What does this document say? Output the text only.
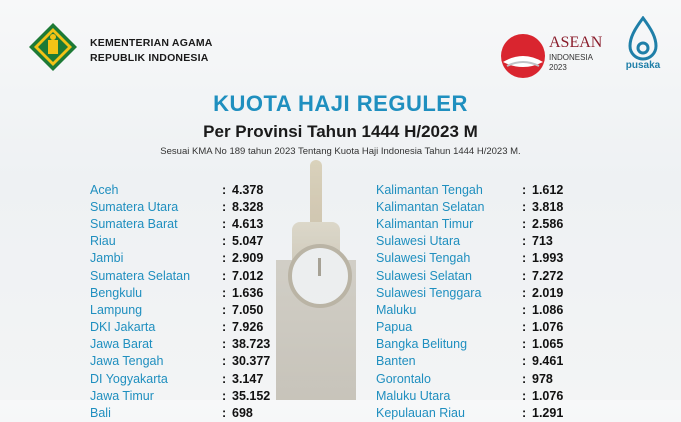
KEMENTERIAN AGAMA
REPUBLIK INDONESIA
ASEAN
INDONESIA
2023	pusaka
KUOTA HAJI REGULER
Per Provinsi Tahun 1444 H/2023 M
Sesuai KMA No 189 tahun 2023 Tentang Kuota Haji Indonesia Tahun 1444 H/2023 M.
Aceh	: 4.378
Sumatera Utara	: 8.328
Sumatera Barat	: 4.613
Riau	: 5.047
Jambi	: 2.909
Sumatera Selatan	: 7.012
Bengkulu	: 1.636
Lampung	: 7.050
DKI Jakarta	: 7.926
Jawa Barat	: 38.723
Jawa Tengah	: 30.377
DI Yogyakarta	: 3.147
Jawa Timur	: 35.152
Bali	: 698
Kalimantan Tengah	: 1.612
Kalimantan Selatan	: 3.818
Kalimantan Timur	: 2.586
Sulawesi Utara	: 713
Sulawesi Tengah	: 1.993
Sulawesi Selatan	: 7.272
Sulawesi Tenggara	: 2.019
Maluku	: 1.086
Papua	: 1.076
Bangka Belitung	: 1.065
Banten	: 9.461
Gorontalo	: 978
Maluku Utara	: 1.076
Kepulauan Riau	: 1.291
